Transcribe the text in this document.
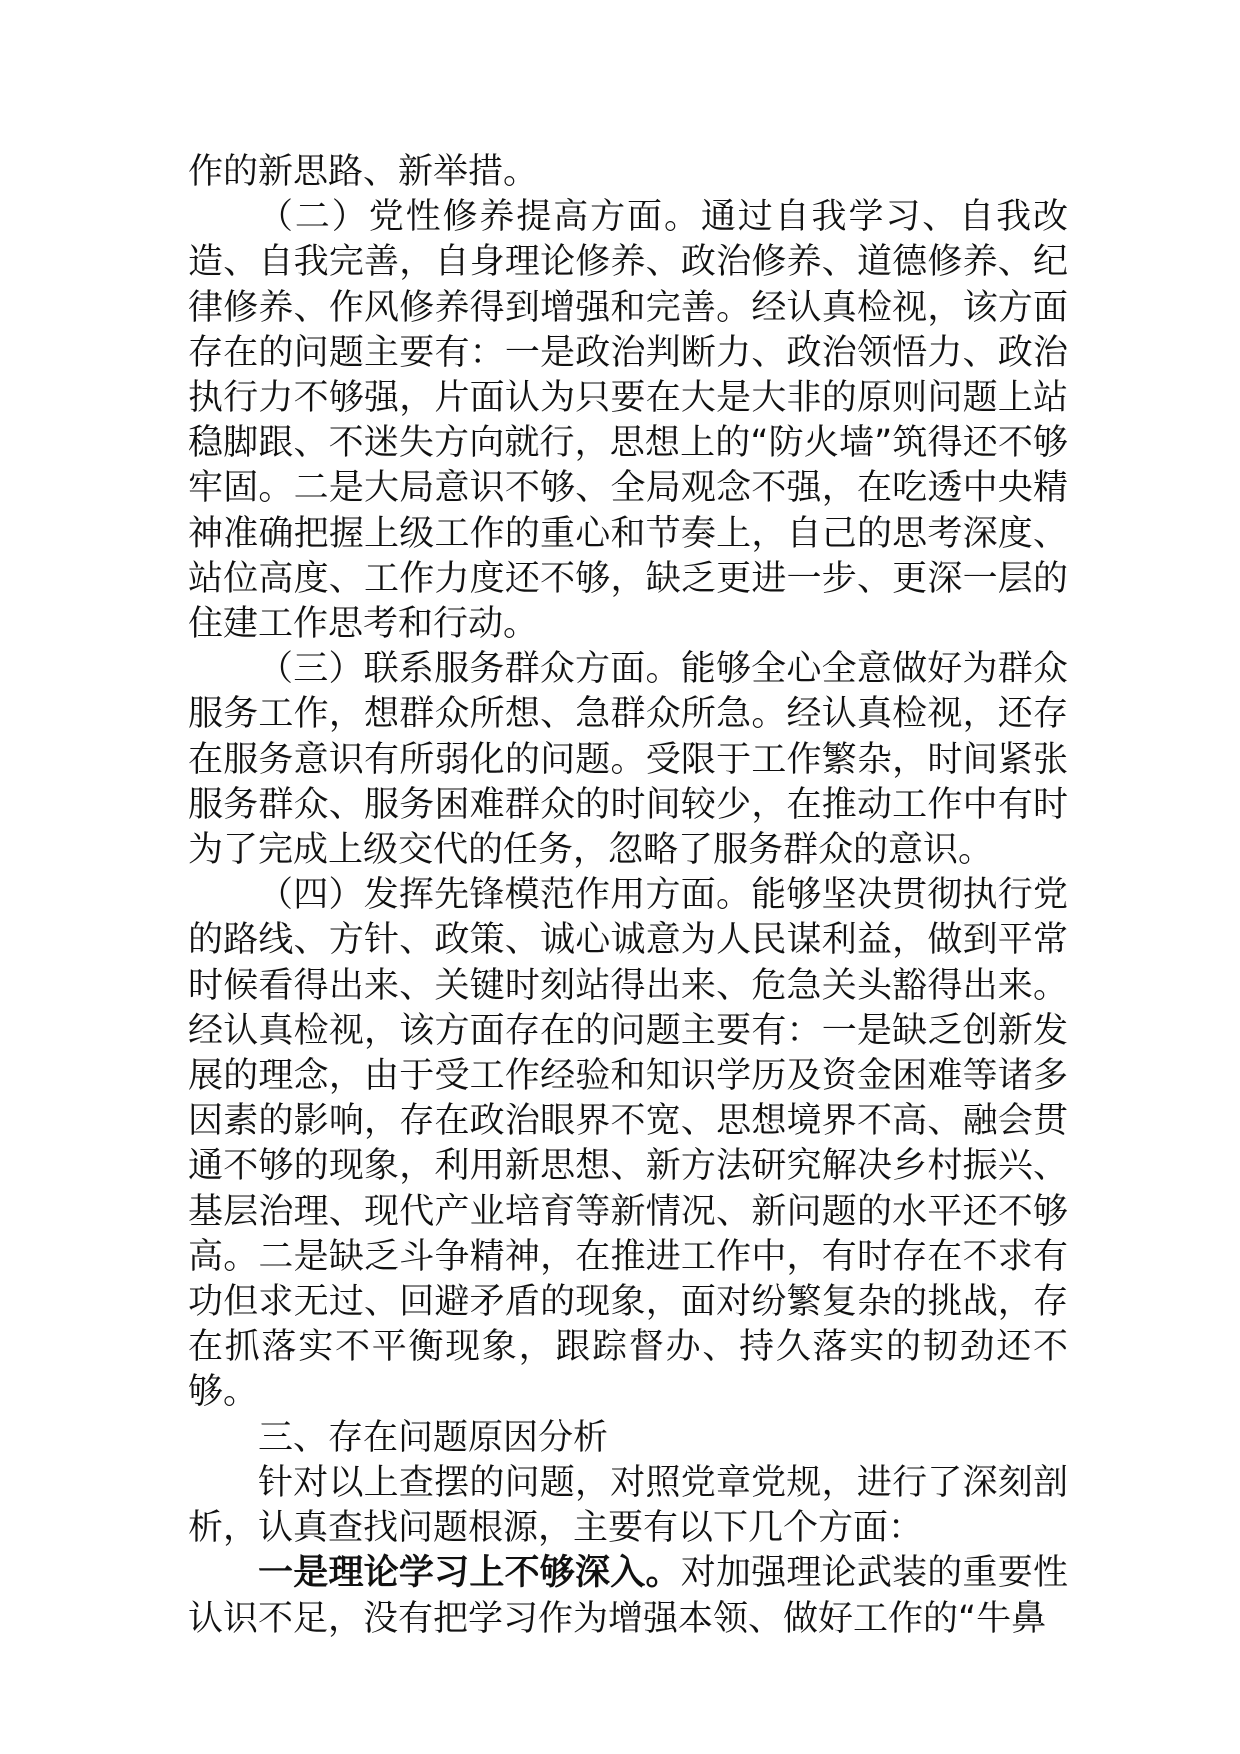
作的新思路、新举措。

（二）党性修养提高方面。通过自我学习、自我改造、自我完善，自身理论修养、政治修养、道德修养、纪律修养、作风修养得到增强和完善。经认真检视，该方面存在的问题主要有：一是政治判断力、政治领悟力、政治执行力不够强，片面认为只要在大是大非的原则问题上站稳脚跟、不迷失方向就行，思想上的“防火墙”筑得还不够牢固。二是大局意识不够、全局观念不强，在吃透中央精神准确把握上级工作的重心和节奏上，自己的思考深度、站位高度、工作力度还不够，缺乏更进一步、更深一层的住建工作思考和行动。

（三）联系服务群众方面。能够全心全意做好为群众服务工作，想群众所想、急群众所急。经认真检视，还存在服务意识有所弱化的问题。受限于工作繁杂，时间紧张服务群众、服务困难群众的时间较少，在推动工作中有时为了完成上级交代的任务，忽略了服务群众的意识。

（四）发挥先锋模范作用方面。能够坚决贯彻执行党的路线、方针、政策、诚心诚意为人民谋利益，做到平常时候看得出来、关键时刻站得出来、危急关头豁得出来。经认真检视，该方面存在的问题主要有：一是缺乏创新发展的理念，由于受工作经验和知识学历及资金困难等诸多因素的影响，存在政治眼界不宽、思想境界不高、融会贯通不够的现象，利用新思想、新方法研究解决乡村振兴、基层治理、现代产业培育等新情况、新问题的水平还不够高。二是缺乏斗争精神，在推进工作中，有时存在不求有功但求无过、回避矛盾的现象，面对纷繁复杂的挑战，存在抓落实不平衡现象，跟踪督办、持久落实的韧劲还不够。

三、存在问题原因分析

针对以上查摆的问题，对照党章党规，进行了深刻剖析，认真查找问题根源，主要有以下几个方面：

一是理论学习上不够深入。对加强理论武装的重要性认识不足，没有把学习作为增强本领、做好工作的“牛鼻
